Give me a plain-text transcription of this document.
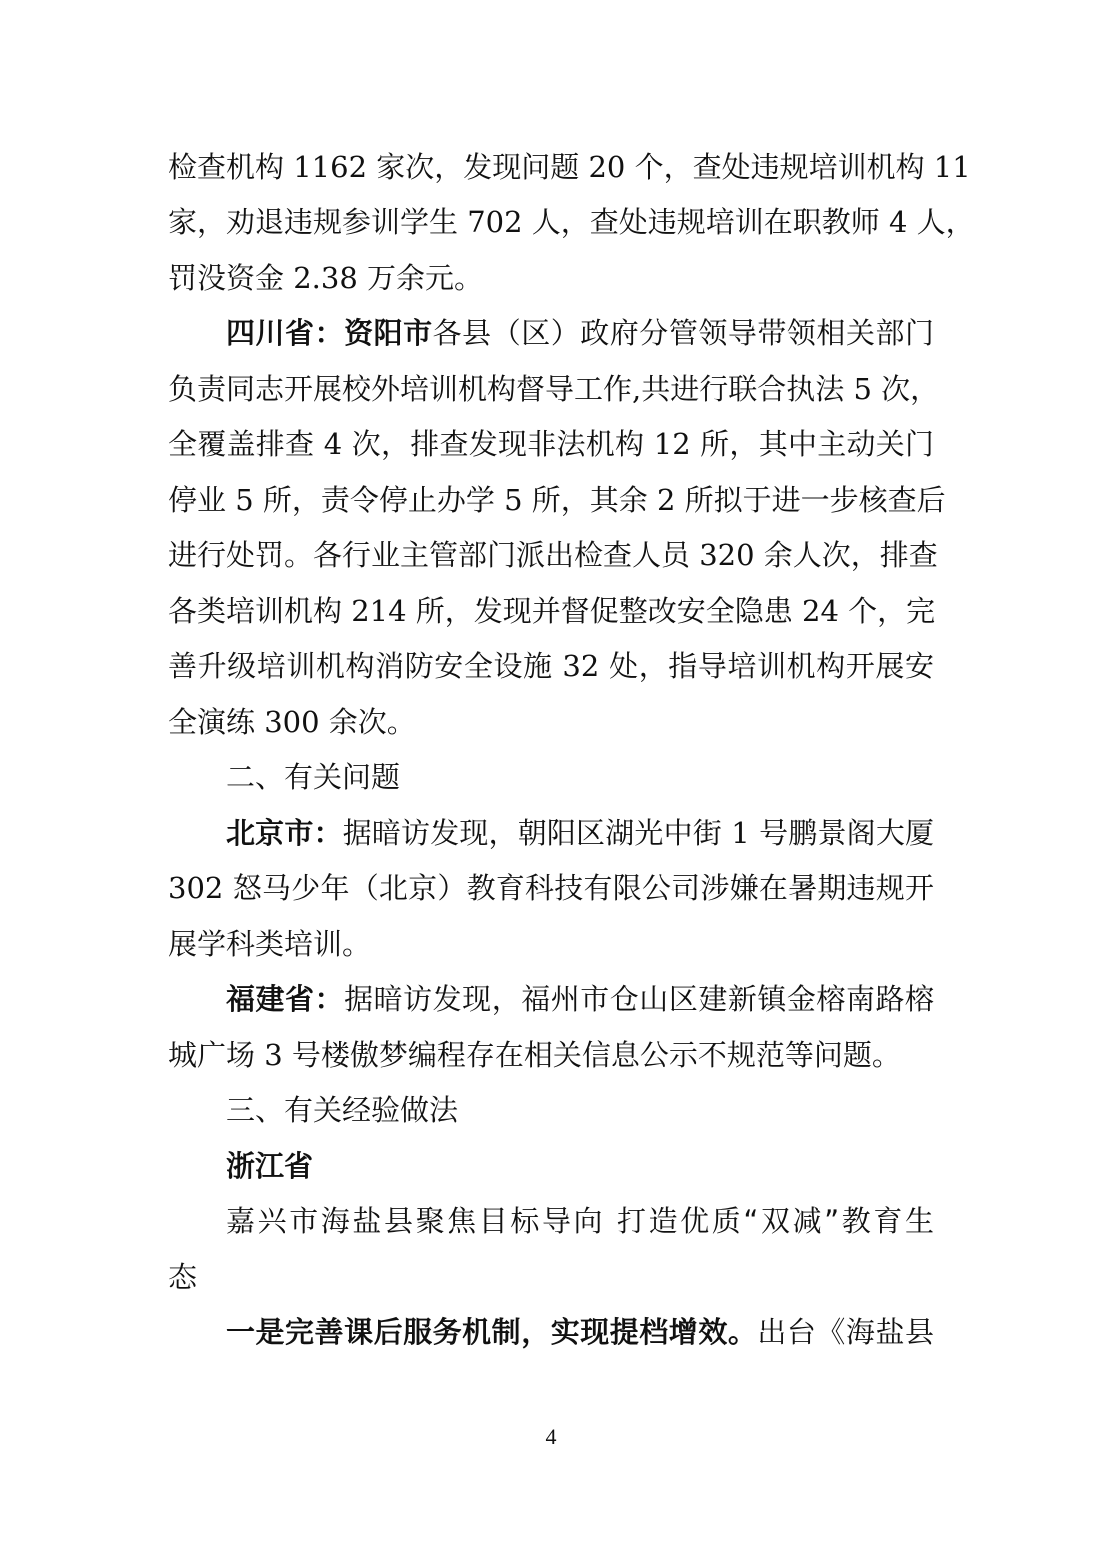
检查机构 1162 家次，发现问题 20 个，查处违规培训机构 11
家，劝退违规参训学生 702 人，查处违规培训在职教师 4 人，
罚没资金 2.38 万余元。
四川省：资阳市各县（区）政府分管领导带领相关部门
负责同志开展校外培训机构督导工作,共进行联合执法 5 次，
全覆盖排查 4 次，排查发现非法机构 12 所，其中主动关门
停业 5 所，责令停止办学 5 所，其余 2 所拟于进一步核查后
进行处罚。各行业主管部门派出检查人员 320 余人次，排查
各类培训机构 214 所，发现并督促整改安全隐患 24 个，完
善升级培训机构消防安全设施 32 处，指导培训机构开展安
全演练 300 余次。
二、有关问题
北京市：据暗访发现，朝阳区湖光中街 1 号鹏景阁大厦
302 怒马少年（北京）教育科技有限公司涉嫌在暑期违规开
展学科类培训。
福建省：据暗访发现，福州市仓山区建新镇金榕南路榕
城广场 3 号楼傲梦编程存在相关信息公示不规范等问题。
三、有关经验做法
浙江省
嘉兴市海盐县聚焦目标导向 打造优质“双减”教育生
态
一是完善课后服务机制，实现提档增效。出台《海盐县
4
